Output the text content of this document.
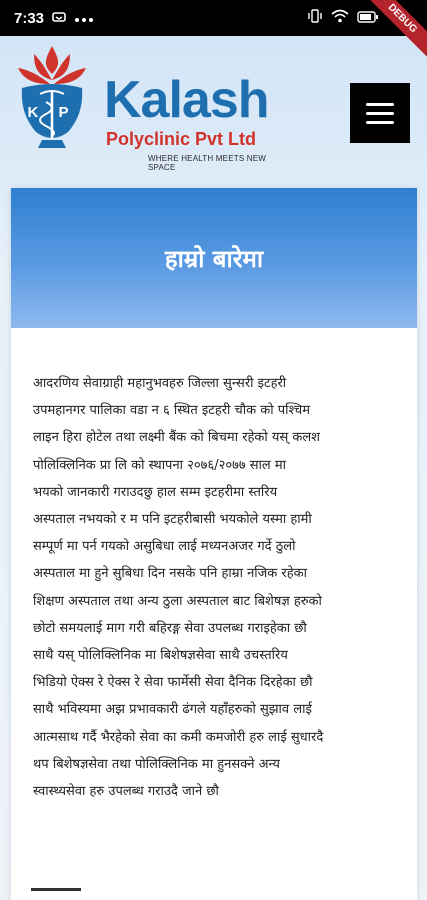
7:33	DEBUG
K P Kalash
Polyclinic Pvt Ltd
WHERE HEALTH MEETS NEW SPACE
हाम्रो बारेमा
आदरणिय सेवाग्राही महानुभवहरु जिल्ला सुन्सरी इटहरी
उपमहानगर पालिका वडा न ६ स्थित इटहरी चौक को पश्चिम
लाइन हिरा होटेल तथा लक्ष्मी बैंक को बिचमा रहेको यस् कलश
पोलिक्लिनिक प्रा लि को स्थापना २०७६/२०७७ साल मा
भयको जानकारी गराउदछु हाल सम्म इटहरीमा स्तरिय
अस्पताल नभयको र म पनि इटहरीबासी भयकोले यस्मा हामी
सम्पूर्ण मा पर्न गयको असुबिधा लाई मध्यनअजर गर्दे ठुलो
अस्पताल मा हुने सुबिधा दिन नसके पनि हाम्रा नजिक रहेका
शिक्षण अस्पताल तथा अन्य ठुला अस्पताल बाट बिशेषज्ञ हरुको
छोटो समयलाई माग गरी बहिरङ्ग सेवा उपलब्ध गराइहेका छौ
साथै यस् पोलिक्लिनिक मा बिशेषज्ञसेवा साथै उचस्तरिय
भिडियो ऐक्स रे ऐक्स रे सेवा फार्मेसी सेवा दैनिक दिरहेका छौ
साथै भविस्यमा अझ प्रभावकारी ढंगले यहाँहरुको सुझाव लाई
आत्मसाथ गर्दै भैरहेको सेवा का कमी कमजोरी हरु लाई सुधारदै
थप बिशेषज्ञसेवा तथा पोलिक्लिनिक मा हुनसक्ने अन्य
स्वास्थ्यसेवा हरु उपलब्ध गराउदै जाने छौ
